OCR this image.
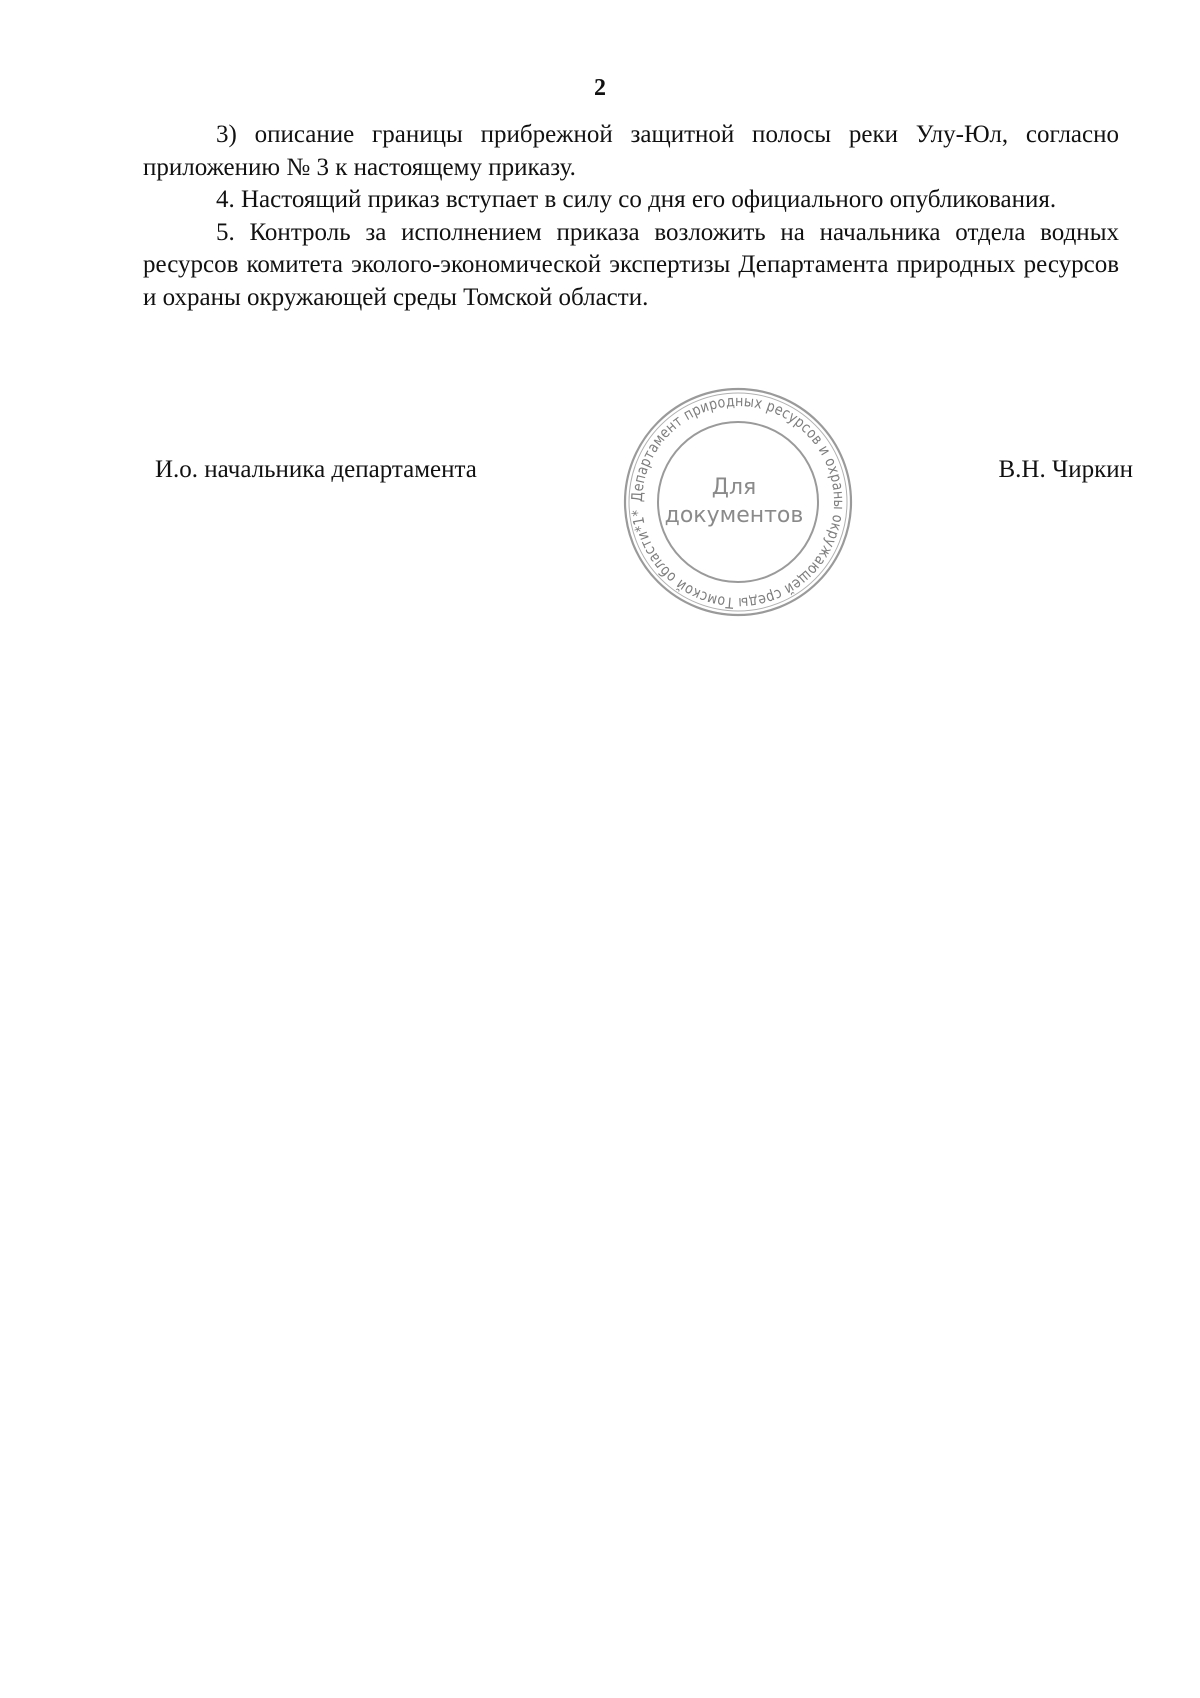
2

3) описание границы прибрежной защитной полосы реки Улу-Юл, согласно приложению № 3 к настоящему приказу.

4. Настоящий приказ вступает в силу со дня его официального опубликования.

5. Контроль за исполнением приказа возложить на начальника отдела водных ресурсов комитета эколого-экономической экспертизы Департамента природных ресурсов и охраны окружающей среды Томской области.

И.о. начальника департамента	В.Н. Чиркин
Департамент природных ресурсов и охраны окружающей среды Томской области*1*
Для
документов
